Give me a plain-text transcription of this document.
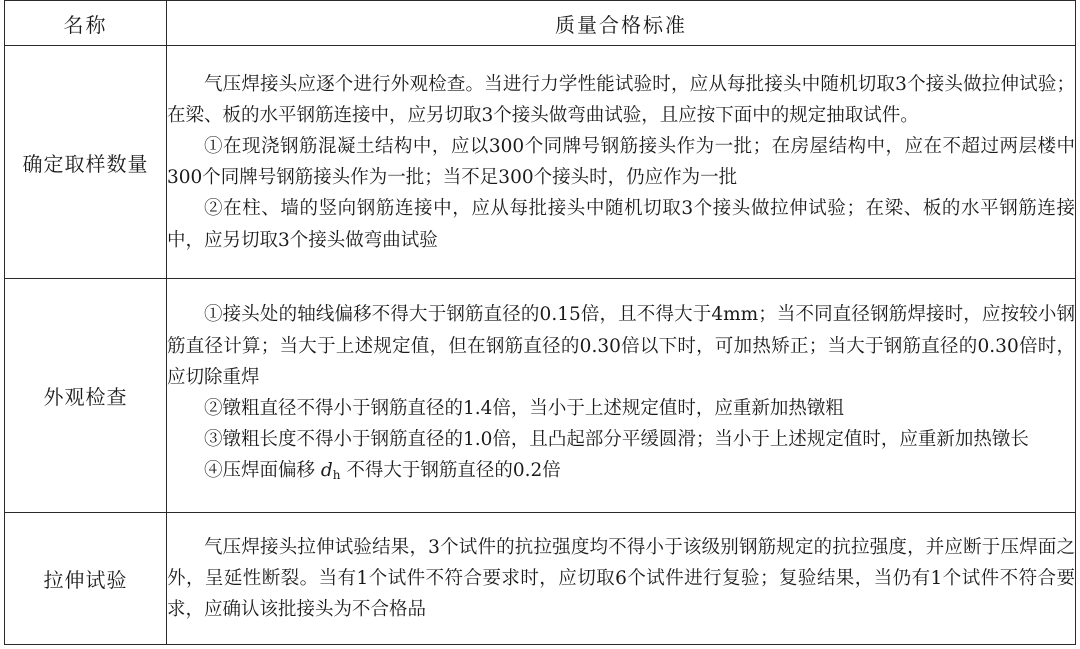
名称	质量合格标准
确定取样数量	气压焊接头应逐个进行外观检查。当进行力学性能试验时，应从每批接头中随机切取3个接头做拉伸试验；在梁、板的水平钢筋连接中，应另切取3个接头做弯曲试验，且应按下面中的规定抽取试件。

①在现浇钢筋混凝土结构中，应以300个同牌号钢筋接头作为一批；在房屋结构中，应在不超过两层楼中300个同牌号钢筋接头作为一批；当不足300个接头时，仍应作为一批

②在柱、墙的竖向钢筋连接中，应从每批接头中随机切取3个接头做拉伸试验；在梁、板的水平钢筋连接中，应另切取3个接头做弯曲试验

外观检查	①接头处的轴线偏移不得大于钢筋直径的0.15倍，且不得大于4mm；当不同直径钢筋焊接时，应按较小钢筋直径计算；当大于上述规定值，但在钢筋直径的0.30倍以下时，可加热矫正；当大于钢筋直径的0.30倍时，应切除重焊

②镦粗直径不得小于钢筋直径的1.4倍，当小于上述规定值时，应重新加热镦粗

③镦粗长度不得小于钢筋直径的1.0倍，且凸起部分平缓圆滑；当小于上述规定值时，应重新加热镦长

④压焊面偏移 $d_h$ 不得大于钢筋直径的0.2倍

拉伸试验	气压焊接头拉伸试验结果，3个试件的抗拉强度均不得小于该级别钢筋规定的抗拉强度，并应断于压焊面之外，呈延性断裂。当有1个试件不符合要求时，应切取6个试件进行复验；复验结果，当仍有1个试件不符合要求，应确认该批接头为不合格品
